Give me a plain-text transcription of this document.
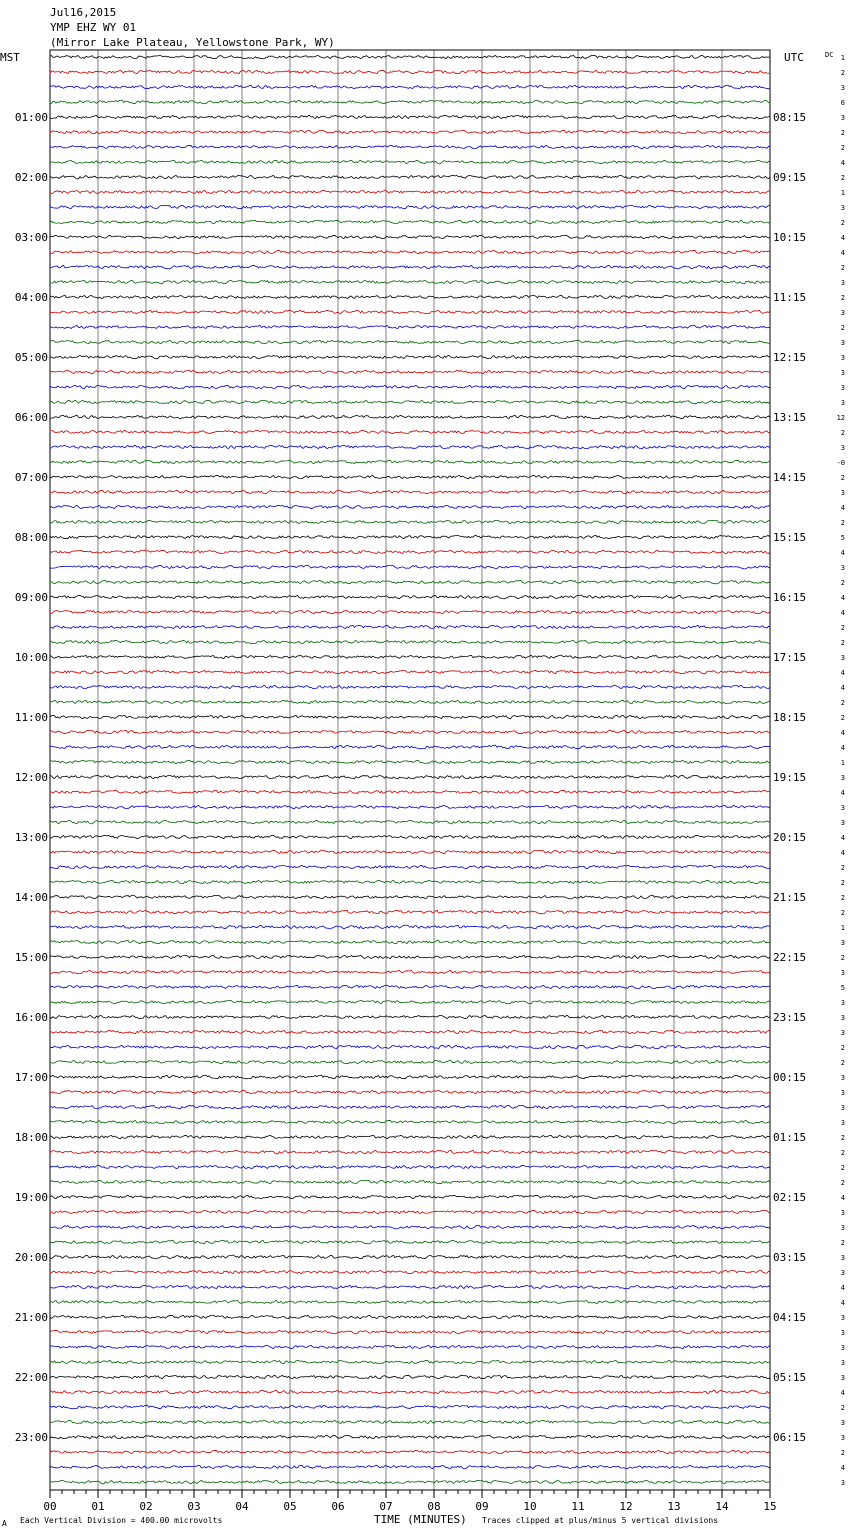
Jul16,2015
YMP EHZ WY 01
(Mirror Lake Plateau, Yellowstone Park, WY)
MST	UTC	DC
01:00	08:15
02:00	09:15
03:00	10:15
04:00	11:15
05:00	12:15
06:00	13:15
07:00	14:15
08:00	15:15
09:00	16:15
10:00	17:15
11:00	18:15
12:00	19:15
13:00	20:15
14:00	21:15
15:00	22:15
16:00	23:15
17:00	00:15
18:00	01:15
19:00	02:15
20:00	03:15
21:00	04:15
22:00	05:15
23:00	06:15
1
2
3
6
3
2
2
4
2
1
3
2
4
4
2
3
2
3
2
3
3
3
3
3
12
2
3
-0
2
3
4
2
5
4
3
2
4
4
2
2
3
4
4
2
2
4
4
1
3
4
3
3
4
4
2
2
2
2
1
3
2
3
5
3
3
3
2
2
3
3
3
3
2
2
2
2
4
3
3
2
3
3
4
4
3
3
3
3
3
4
2
3
3
2
4
3
00	01	02	03	04	05	06	07	08	09	10	11	12	13	14	15
A Each Vertical Division = 400.00 microvolts	TIME (MINUTES) Traces clipped at plus/minus 5 vertical divisions
